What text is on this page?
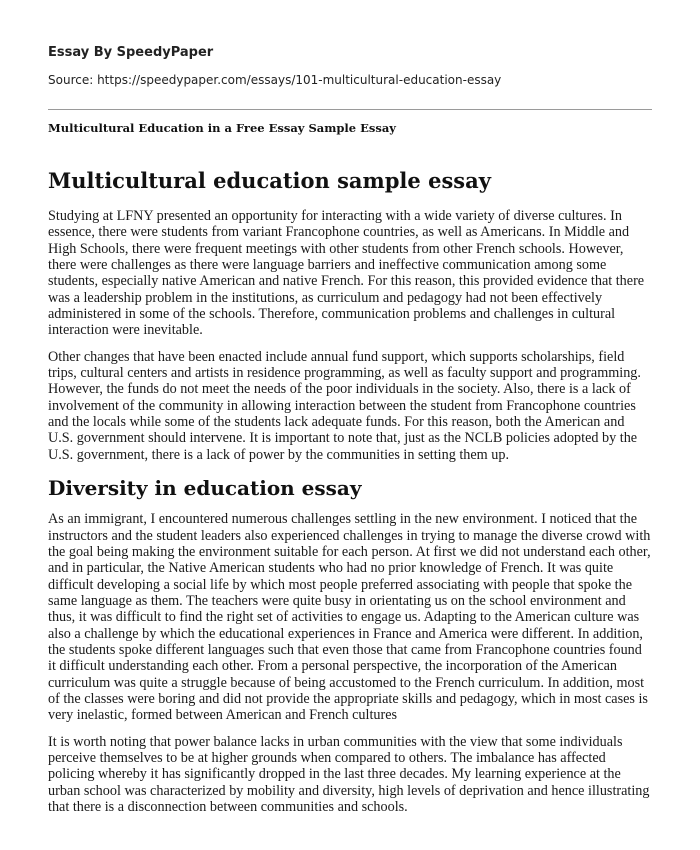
Essay By SpeedyPaper
Source: https://speedypaper.com/essays/101-multicultural-education-essay
Multicultural Education in a Free Essay Sample Essay
Multicultural education sample essay

Studying at LFNY presented an opportunity for interacting with a wide variety of diverse cultures. In essence, there were students from variant Francophone countries, as well as Americans. In Middle and High Schools, there were frequent meetings with other students from other French schools. However, there were challenges as there were language barriers and ineffective communication among some students, especially native American and native French. For this reason, this provided evidence that there was a leadership problem in the institutions, as curriculum and pedagogy had not been effectively administered in some of the schools. Therefore, communication problems and challenges in cultural interaction were inevitable.

Other changes that have been enacted include annual fund support, which supports scholarships, field trips, cultural centers and artists in residence programming, as well as faculty support and programming. However, the funds do not meet the needs of the poor individuals in the society. Also, there is a lack of involvement of the community in allowing interaction between the student from Francophone countries and the locals while some of the students lack adequate funds. For this reason, both the American and U.S. government should intervene. It is important to note that, just as the NCLB policies adopted by the U.S. government, there is a lack of power by the communities in setting them up.

Diversity in education essay

As an immigrant, I encountered numerous challenges settling in the new environment. I noticed that the instructors and the student leaders also experienced challenges in trying to manage the diverse crowd with the goal being making the environment suitable for each person. At first we did not understand each other, and in particular, the Native American students who had no prior knowledge of French. It was quite difficult developing a social life by which most people preferred associating with people that spoke the same language as them. The teachers were quite busy in orientating us on the school environment and thus, it was difficult to find the right set of activities to engage us. Adapting to the American culture was also a challenge by which the educational experiences in France and America were different. In addition, the students spoke different languages such that even those that came from Francophone countries found it difficult understanding each other. From a personal perspective, the incorporation of the American curriculum was quite a struggle because of being accustomed to the French curriculum. In addition, most of the classes were boring and did not provide the appropriate skills and pedagogy, which in most cases is very inelastic, formed between American and French cultures

It is worth noting that power balance lacks in urban communities with the view that some individuals perceive themselves to be at higher grounds when compared to others. The imbalance has affected policing whereby it has significantly dropped in the last three decades. My learning experience at the urban school was characterized by mobility and diversity, high levels of deprivation and hence illustrating that there is a disconnection between communities and schools.
